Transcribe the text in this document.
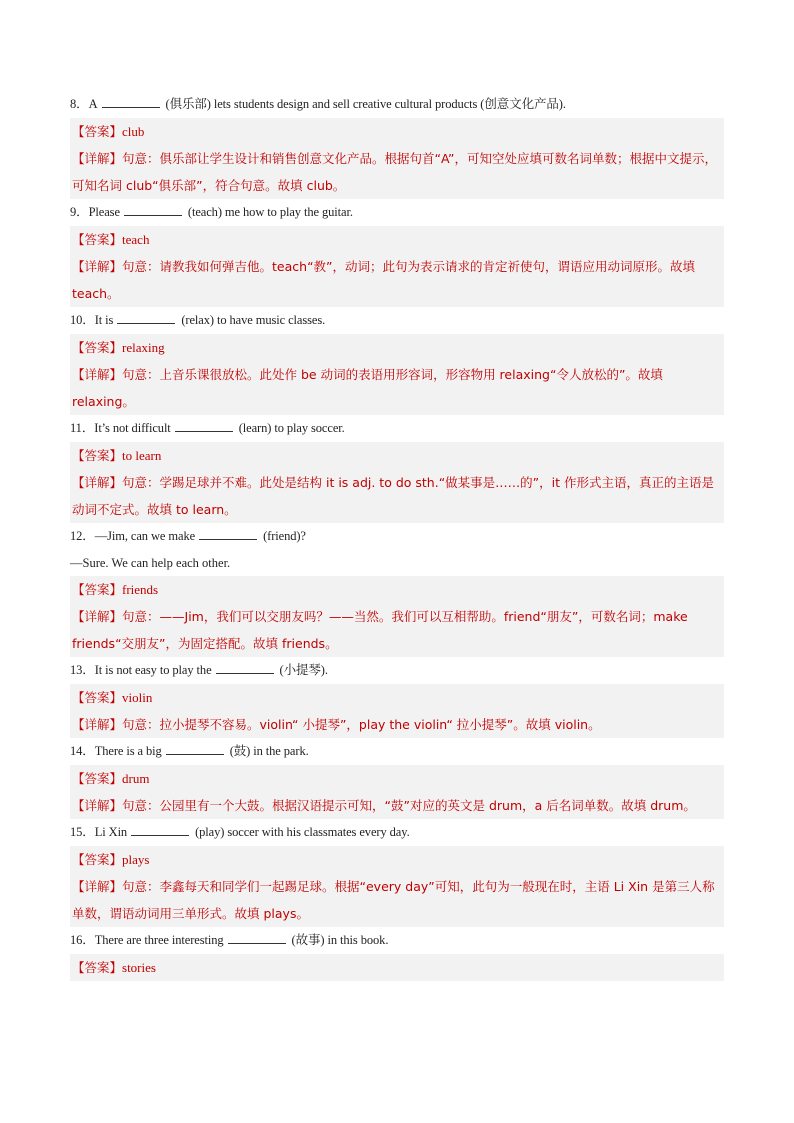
8．A	(俱乐部) lets students design and sell creative cultural products (创意文化产品).
【答案】club
【详解】句意：俱乐部让学生设计和销售创意文化产品。根据句首“A”，可知空处应填可数名词单数；根据中文提示，可知名词 club“俱乐部”，符合句意。故填 club。
9．Please	(teach) me how to play the guitar.
【答案】teach
【详解】句意：请教我如何弹吉他。teach“教”，动词；此句为表示请求的肯定祈使句，谓语应用动词原形。故填 teach。
10．It is	(relax) to have music classes.
【答案】relaxing
【详解】句意：上音乐课很放松。此处作 be 动词的表语用形容词，形容物用 relaxing“令人放松的”。故填 relaxing。
11．It’s not difficult	(learn) to play soccer.
【答案】to learn
【详解】句意：学踢足球并不难。此处是结构 it is adj. to do sth.“做某事是……的”，it 作形式主语，真正的主语是动词不定式。故填 to learn。
12．—Jim, can we make	(friend)?
—Sure. We can help each other.
【答案】friends
【详解】句意：——Jim，我们可以交朋友吗？——当然。我们可以互相帮助。friend“朋友”，可数名词；make friends“交朋友”，为固定搭配。故填 friends。
13．It is not easy to play the	(小提琴).
【答案】violin
【详解】句意：拉小提琴不容易。violin“ 小提琴”，play the violin“ 拉小提琴”。故填 violin。
14．There is a big	(鼓) in the park.
【答案】drum
【详解】句意：公园里有一个大鼓。根据汉语提示可知，“鼓”对应的英文是 drum，a 后名词单数。故填 drum。
15．Li Xin	(play) soccer with his classmates every day.
【答案】plays
【详解】句意：李鑫每天和同学们一起踢足球。根据“every day”可知，此句为一般现在时，主语 Li Xin 是第三人称单数，谓语动词用三单形式。故填 plays。
16．There are three interesting	(故事) in this book.
【答案】stories
